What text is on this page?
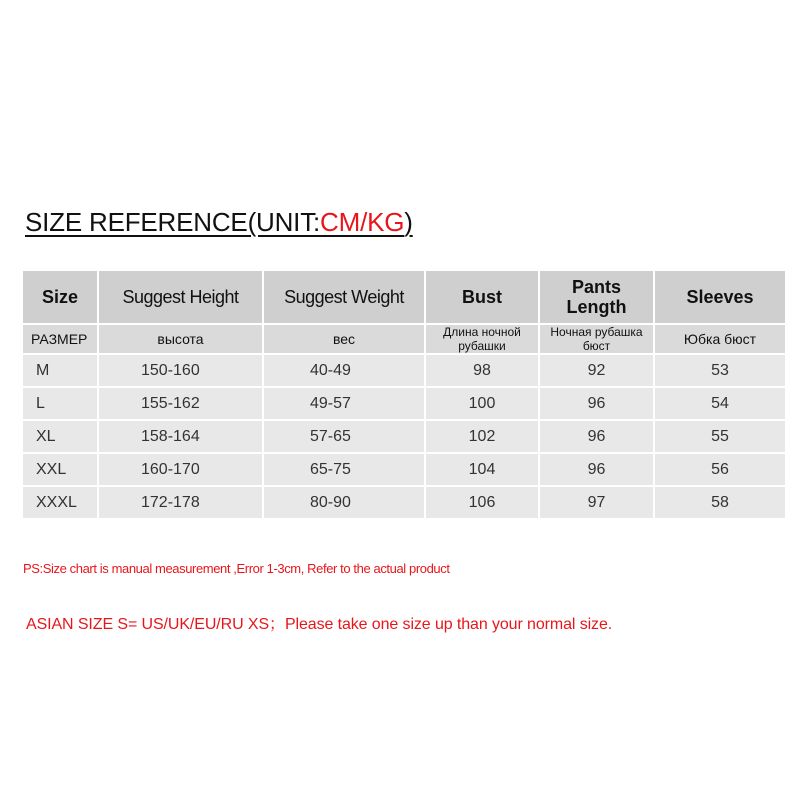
SIZE REFERENCE(UNIT:CM/KG)
Size	Suggest Height	Suggest Weight	Bust	Pants Length	Sleeves
РАЗМЕР	высота	вес	Длина ночной рубашки	Ночная рубашка бюст	Юбка бюст
M	150-160	40-49	98	92	53
L	155-162	49-57	100	96	54
XL	158-164	57-65	102	96	55
XXL	160-170	65-75	104	96	56
XXXL	172-178	80-90	106	97	58
PS:Size chart is manual measurement ,Error 1-3cm, Refer to the actual product
ASIAN SIZE S= US/UK/EU/RU XS；Please take one size up than your normal size.
